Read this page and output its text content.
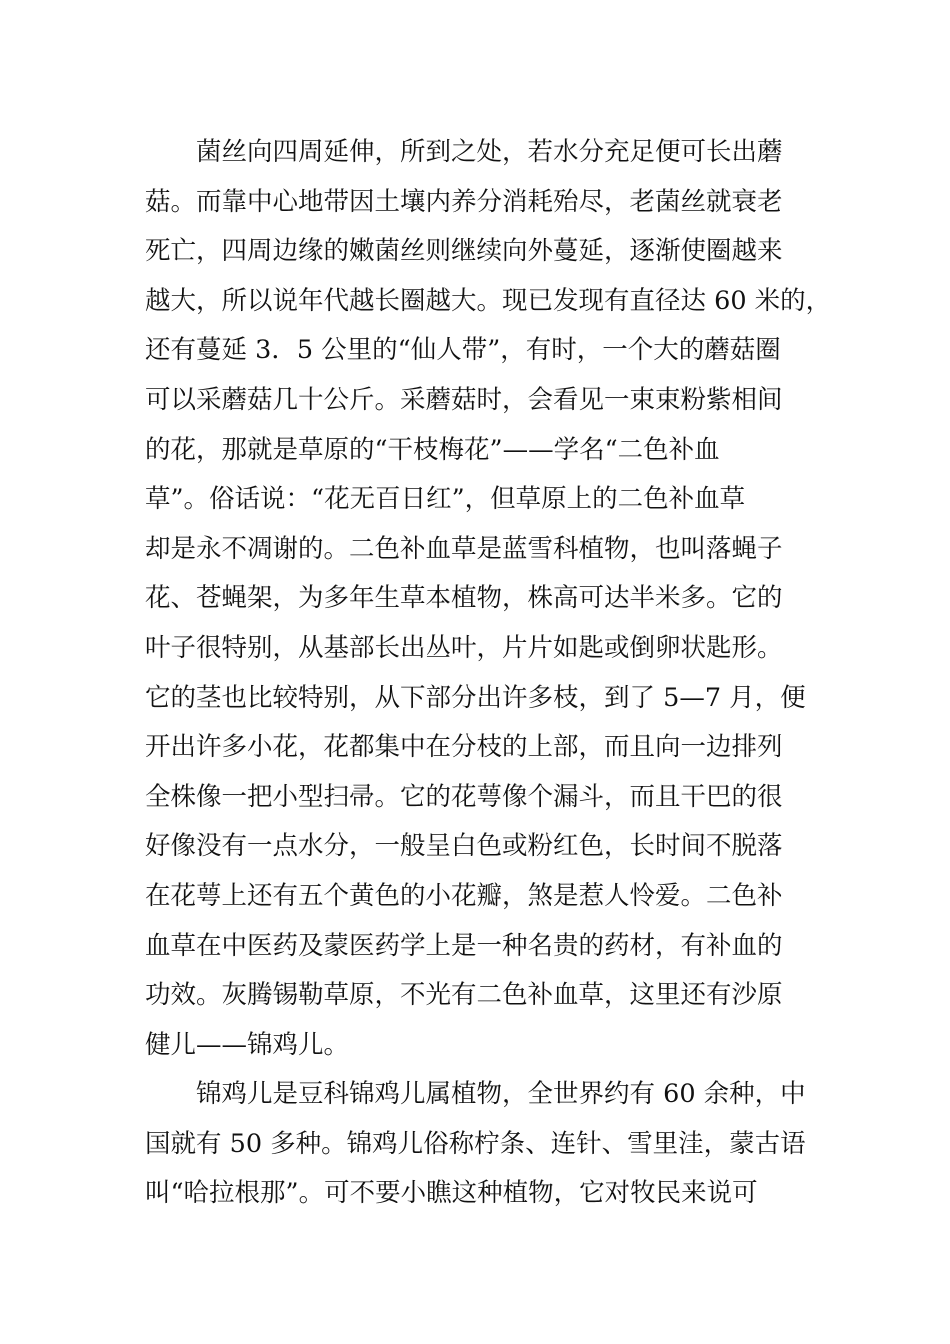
菌丝向四周延伸，所到之处，若水分充足便可长出蘑
菇。而靠中心地带因土壤内养分消耗殆尽，老菌丝就衰老
死亡，四周边缘的嫩菌丝则继续向外蔓延，逐渐使圈越来
越大，所以说年代越长圈越大。现已发现有直径达 60 米的，
还有蔓延 3．5 公里的“仙人带”，有时，一个大的蘑菇圈
可以采蘑菇几十公斤。采蘑菇时，会看见一束束粉紫相间
的花，那就是草原的“干枝梅花”——学名“二色补血
草”。俗话说：“花无百日红”，但草原上的二色补血草
却是永不凋谢的。二色补血草是蓝雪科植物，也叫落蝇子
花、苍蝇架，为多年生草本植物，株高可达半米多。它的
叶子很特别，从基部长出丛叶，片片如匙或倒卵状匙形。
它的茎也比较特别，从下部分出许多枝，到了 5—7 月，便
开出许多小花，花都集中在分枝的上部，而且向一边排列
全株像一把小型扫帚。它的花萼像个漏斗，而且干巴的很
好像没有一点水分，一般呈白色或粉红色，长时间不脱落
在花萼上还有五个黄色的小花瓣，煞是惹人怜爱。二色补
血草在中医药及蒙医药学上是一种名贵的药材，有补血的
功效。灰腾锡勒草原，不光有二色补血草，这里还有沙原
健儿——锦鸡儿。
锦鸡儿是豆科锦鸡儿属植物，全世界约有 60 余种，中
国就有 50 多种。锦鸡儿俗称柠条、连针、雪里洼，蒙古语
叫“哈拉根那”。可不要小瞧这种植物，它对牧民来说可
